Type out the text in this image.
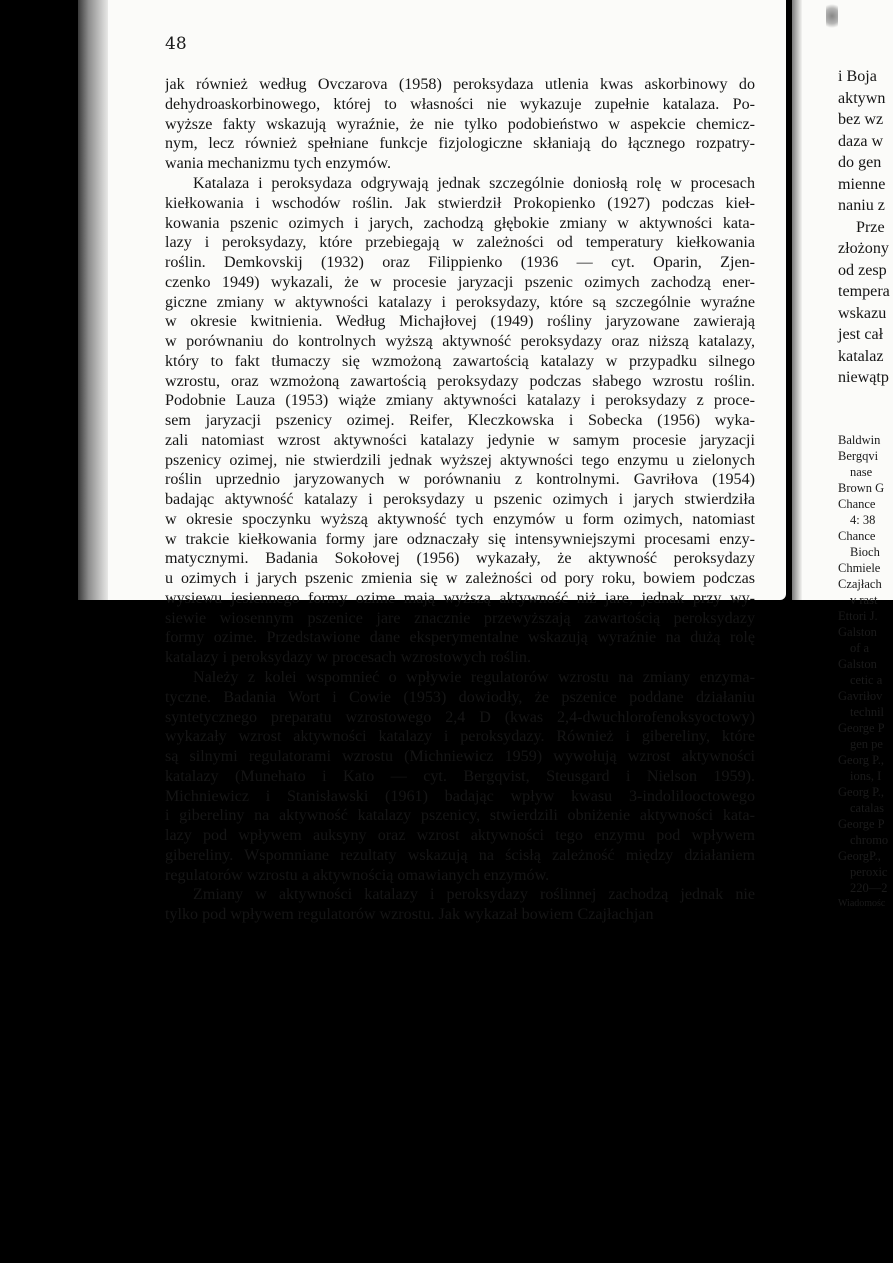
48
jak również według Ovczarova (1958) peroksydaza utlenia kwas askorbinowy do
dehydroaskorbinowego, której to własności nie wykazuje zupełnie katalaza. Po-
wyższe fakty wskazują wyraźnie, że nie tylko podobieństwo w aspekcie chemicz-
nym, lecz również spełniane funkcje fizjologiczne skłaniają do łącznego rozpatry-
wania mechanizmu tych enzymów.
Katalaza i peroksydaza odgrywają jednak szczególnie doniosłą rolę w procesach
kiełkowania i wschodów roślin. Jak stwierdził Prokopienko (1927) podczas kieł-
kowania pszenic ozimych i jarych, zachodzą głębokie zmiany w aktywności kata-
lazy i peroksydazy, które przebiegają w zależności od temperatury kiełkowania
roślin. Demkovskij (1932) oraz Filippienko (1936 — cyt. Oparin, Zjen-
czenko 1949) wykazali, że w procesie jaryzacji pszenic ozimych zachodzą ener-
giczne zmiany w aktywności katalazy i peroksydazy, które są szczególnie wyraźne
w okresie kwitnienia. Według Michajłovej (1949) rośliny jaryzowane zawierają
w porównaniu do kontrolnych wyższą aktywność peroksydazy oraz niższą katalazy,
który to fakt tłumaczy się wzmożoną zawartością katalazy w przypadku silnego
wzrostu, oraz wzmożoną zawartością peroksydazy podczas słabego wzrostu roślin.
Podobnie Lauza (1953) wiąże zmiany aktywności katalazy i peroksydazy z proce-
sem jaryzacji pszenicy ozimej. Reifer, Kleczkowska i Sobecka (1956) wyka-
zali natomiast wzrost aktywności katalazy jedynie w samym procesie jaryzacji
pszenicy ozimej, nie stwierdzili jednak wyższej aktywności tego enzymu u zielonych
roślin uprzednio jaryzowanych w porównaniu z kontrolnymi. Gavriłova (1954)
badając aktywność katalazy i peroksydazy u pszenic ozimych i jarych stwierdziła
w okresie spoczynku wyższą aktywność tych enzymów u form ozimych, natomiast
w trakcie kiełkowania formy jare odznaczały się intensywniejszymi procesami enzy-
matycznymi. Badania Sokołovej (1956) wykazały, że aktywność peroksydazy
u ozimych i jarych pszenic zmienia się w zależności od pory roku, bowiem podczas
wysiewu jesiennego formy ozime mają wyższą aktywność niż jare, jednak przy wy-
siewie wiosennym pszenice jare znacznie przewyższają zawartością peroksydazy
formy ozime. Przedstawione dane eksperymentalne wskazują wyraźnie na dużą rolę
katalazy i peroksydazy w procesach wzrostowych roślin.
Należy z kolei wspomnieć o wpływie regulatorów wzrostu na zmiany enzyma-
tyczne. Badania Wort i Cowie (1953) dowiodły, że pszenice poddane działaniu
syntetycznego preparatu wzrostowego 2,4 D (kwas 2,4-dwuchlorofenoksyoctowy)
wykazały wzrost aktywności katalazy i peroksydazy. Również i gibereliny, które
są silnymi regulatorami wzrostu (Michniewicz 1959) wywołują wzrost aktywności
katalazy (Munehato i Kato — cyt. Bergqvist, Steusgard i Nielson 1959).
Michniewicz i Stanisławski (1961) badając wpływ kwasu 3-indolilooctowego
i gibereliny na aktywność katalazy pszenicy, stwierdzili obniżenie aktywności kata-
lazy pod wpływem auksyny oraz wzrost aktywności tego enzymu pod wpływem
gibereliny. Wspomniane rezultaty wskazują na ścisłą zależność między działaniem
regulatorów wzrostu a aktywnością omawianych enzymów.
Zmiany w aktywności katalazy i peroksydazy roślinnej zachodzą jednak nie
tylko pod wpływem regulatorów wzrostu. Jak wykazał bowiem Czajłachjan
i Boja
aktywn
bez wz
daza w
do gen
mienne
naniu z
Prze
złożony
od zesp
tempera
wskazu
jest cał
katalaz
niewątp
Baldwin
Bergqvi
nase
Brown G
Chance
4: 38
Chance
Bioch
Chmiele
Czajłach
v rast
Ettori J.
Galston
of a
Galston
cetic a
Gavriłov
technil
George P
gen pe
Georg P.,
ions, I
Georg P.,
catalas
George P
chromo
GeorgP.,
peroxic
220—2
Wiadomośc
